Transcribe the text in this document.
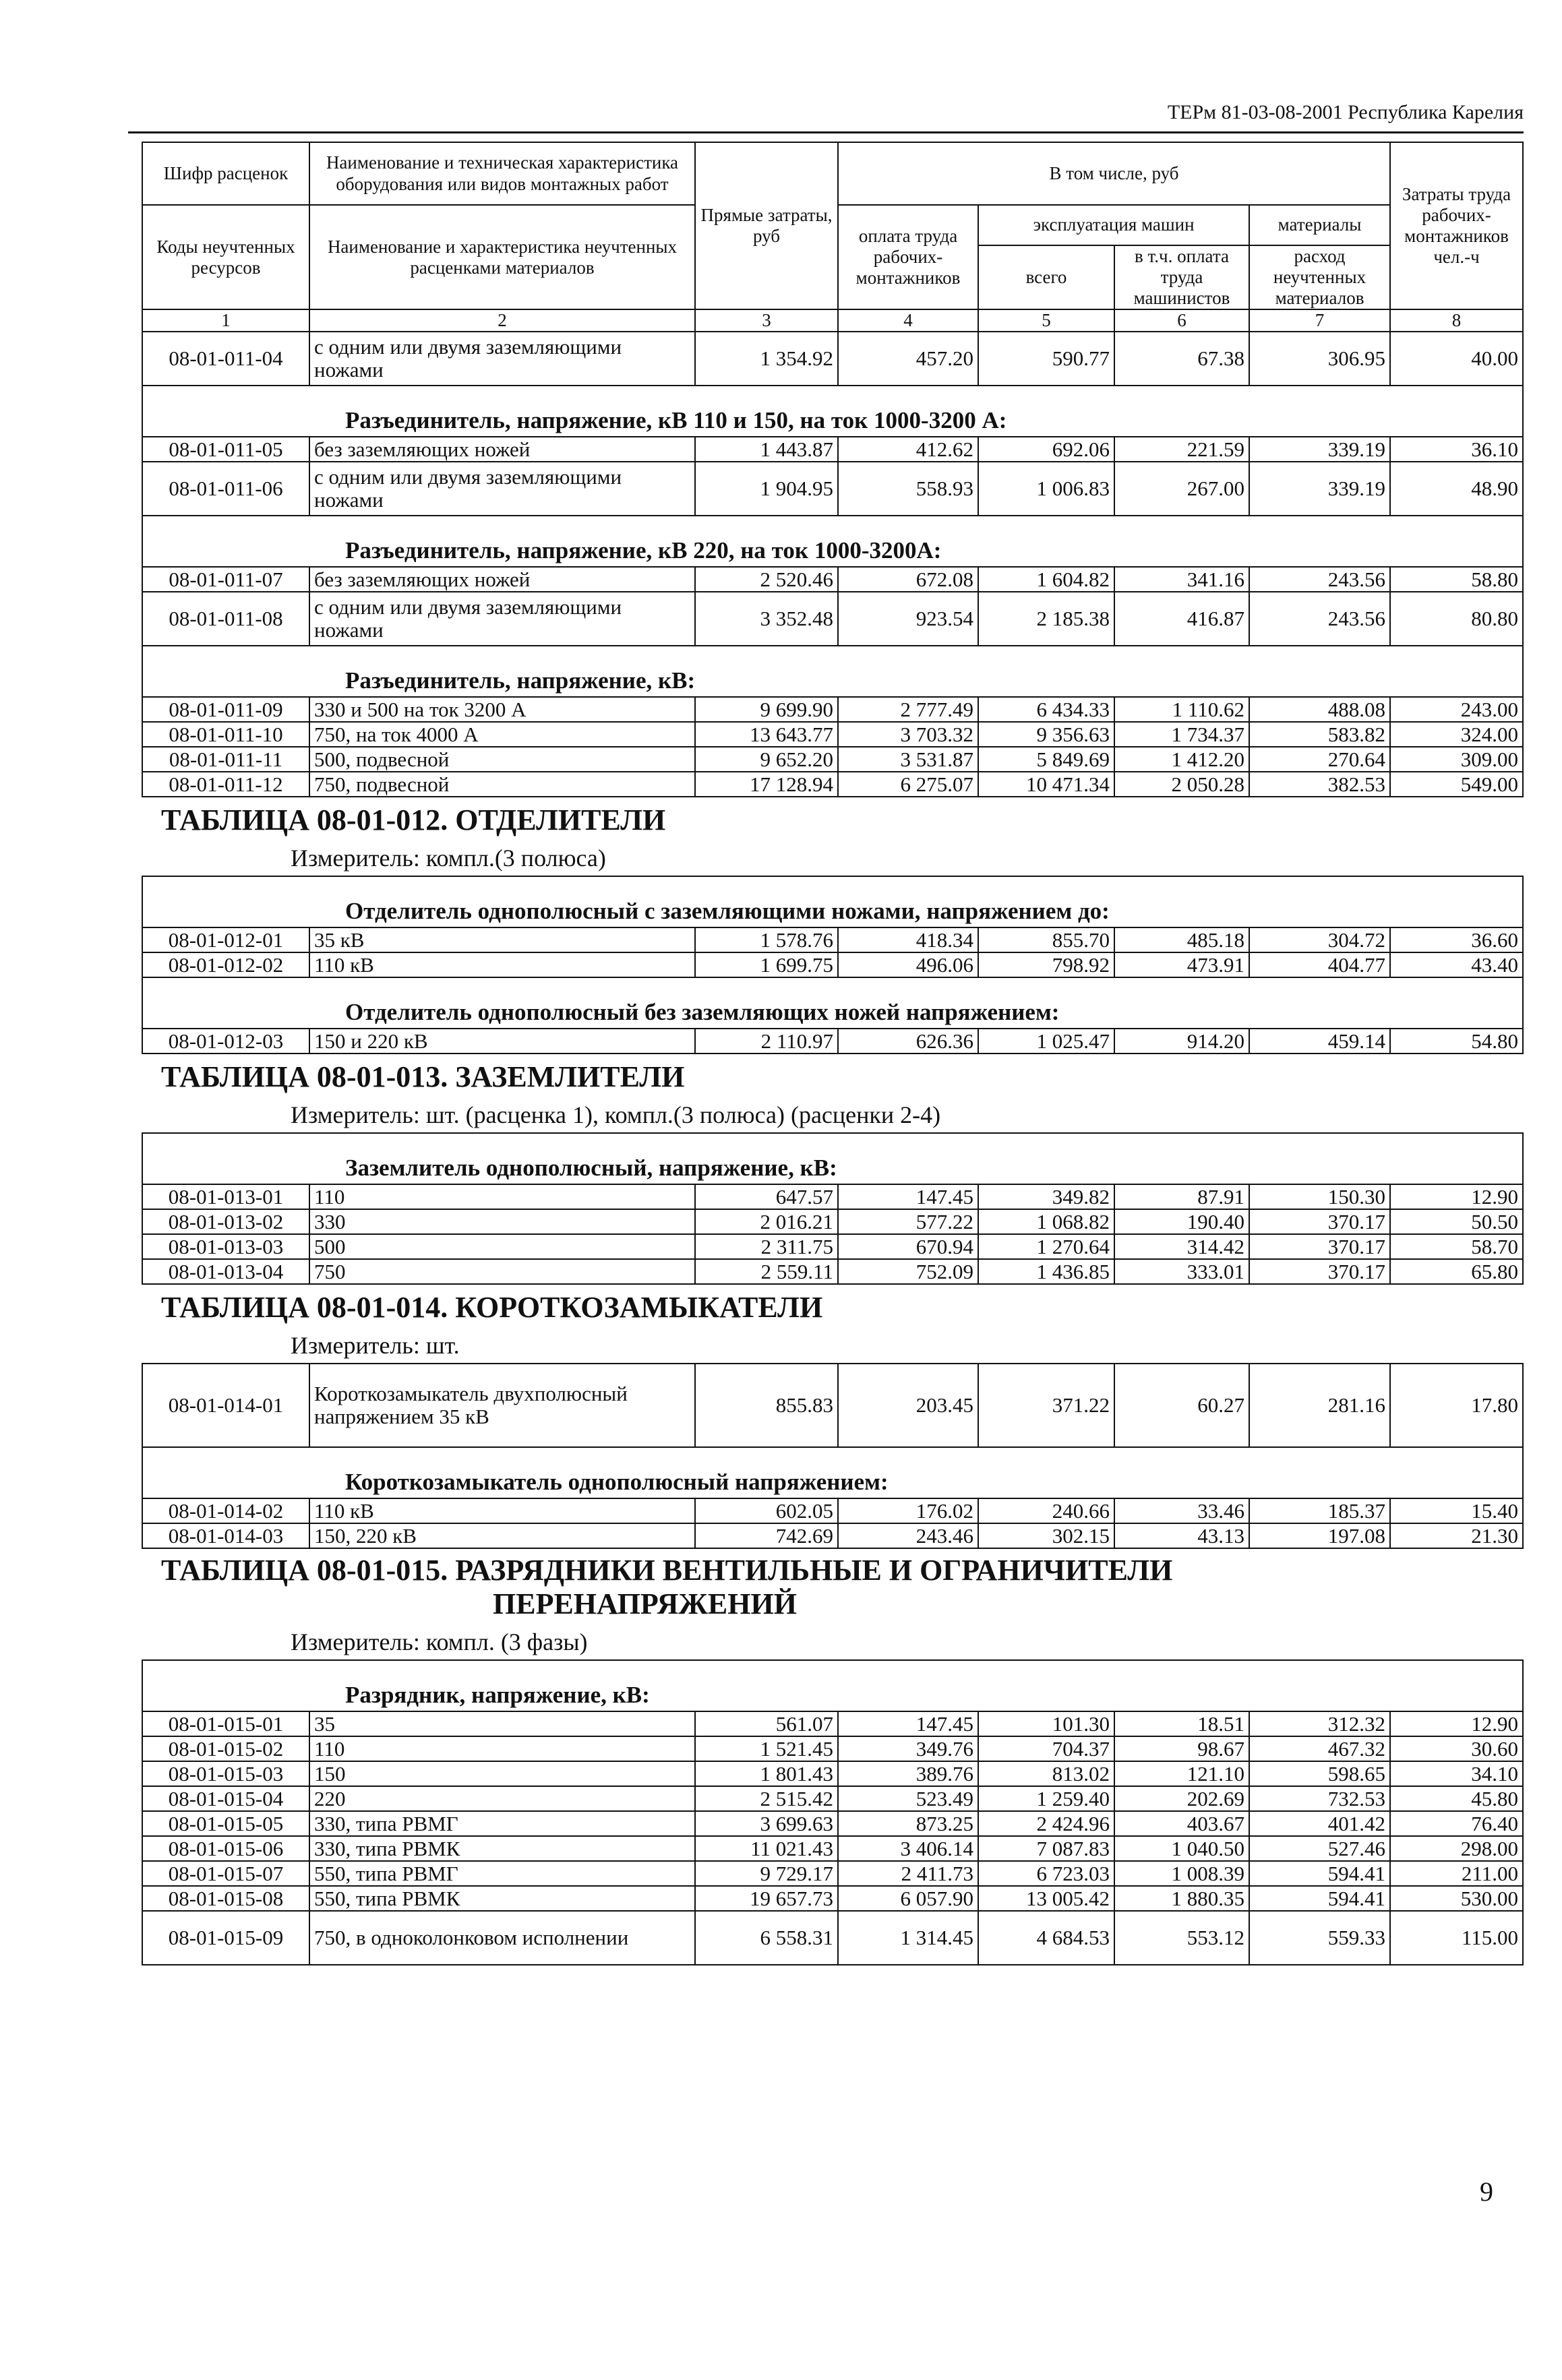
ТЕРм 81-03-08-2001 Республика Карелия
Шифр расценок	Наименование и техническая характеристика оборудования или видов монтажных работ	Прямые затраты, руб	В том числе, руб				Затраты труда рабочих-монтажников чел.-ч
Коды неучтенных ресурсов	Наименование и характеристика неучтенных расценками материалов		оплата труда рабочих-монтажников	эксплуатация машин		материалы	
				всего	в т.ч. оплата труда машинистов	расход неучтенных материалов	
1	2	3	4	5	6	7	8
08-01-011-04	с одним или двумя заземляющими ножами	1 354.92	457.20	590.77	67.38	306.95	40.00

Разъединитель, напряжение, кВ 110 и 150, на ток 1000-3200 А:							

08-01-011-05	без заземляющих ножей	1 443.87	412.62	692.06	221.59	339.19	36.10
08-01-011-06	с одним или двумя заземляющими ножами	1 904.95	558.93	1 006.83	267.00	339.19	48.90

Разъединитель, напряжение, кВ 220, на ток 1000-3200А:							

08-01-011-07	без заземляющих ножей	2 520.46	672.08	1 604.82	341.16	243.56	58.80
08-01-011-08	с одним или двумя заземляющими ножами	3 352.48	923.54	2 185.38	416.87	243.56	80.80

Разъединитель, напряжение, кВ:							

08-01-011-09	330 и 500 на ток 3200 А	9 699.90	2 777.49	6 434.33	1 110.62	488.08	243.00
08-01-011-10	750, на ток 4000 А	13 643.77	3 703.32	9 356.63	1 734.37	583.82	324.00
08-01-011-11	500, подвесной	9 652.20	3 531.87	5 849.69	1 412.20	270.64	309.00
08-01-011-12	750, подвесной	17 128.94	6 275.07	10 471.34	2 050.28	382.53	549.00

ТАБЛИЦА 08-01-012. ОТДЕЛИТЕЛИ							

Измеритель: компл.(3 полюса)							

Отделитель однополюсный с заземляющими ножами, напряжением до:							

08-01-012-01	35 кВ	1 578.76	418.34	855.70	485.18	304.72	36.60
08-01-012-02	110 кВ	1 699.75	496.06	798.92	473.91	404.77	43.40

Отделитель однополюсный без заземляющих ножей напряжением:							

08-01-012-03	150 и 220 кВ	2 110.97	626.36	1 025.47	914.20	459.14	54.80

ТАБЛИЦА 08-01-013. ЗАЗЕМЛИТЕЛИ							

Измеритель: шт. (расценка 1), компл.(3 полюса) (расценки 2-4)							

Заземлитель однополюсный, напряжение, кВ:							

08-01-013-01	110	647.57	147.45	349.82	87.91	150.30	12.90
08-01-013-02	330	2 016.21	577.22	1 068.82	190.40	370.17	50.50
08-01-013-03	500	2 311.75	670.94	1 270.64	314.42	370.17	58.70
08-01-013-04	750	2 559.11	752.09	1 436.85	333.01	370.17	65.80

ТАБЛИЦА 08-01-014. КОРОТКОЗАМЫКАТЕЛИ							

Измеритель: шт.							

08-01-014-01	Короткозамыкатель двухполюсный напряжением 35 кВ	855.83	203.45	371.22	60.27	281.16	17.80

Короткозамыкатель однополюсный напряжением:							

08-01-014-02	110 кВ	602.05	176.02	240.66	33.46	185.37	15.40
08-01-014-03	150, 220 кВ	742.69	243.46	302.15	43.13	197.08	21.30

ТАБЛИЦА 08-01-015. РАЗРЯДНИКИ ВЕНТИЛЬНЫЕ И ОГРАНИЧИТЕЛИ							

ПЕРЕНАПРЯЖЕНИЙ							

Измеритель: компл. (3 фазы)							

Разрядник, напряжение, кВ:							

08-01-015-01	35	561.07	147.45	101.30	18.51	312.32	12.90
08-01-015-02	110	1 521.45	349.76	704.37	98.67	467.32	30.60
08-01-015-03	150	1 801.43	389.76	813.02	121.10	598.65	34.10
08-01-015-04	220	2 515.42	523.49	1 259.40	202.69	732.53	45.80
08-01-015-05	330, типа РВМГ	3 699.63	873.25	2 424.96	403.67	401.42	76.40
08-01-015-06	330, типа РВМК	11 021.43	3 406.14	7 087.83	1 040.50	527.46	298.00
08-01-015-07	550, типа РВМГ	9 729.17	2 411.73	6 723.03	1 008.39	594.41	211.00
08-01-015-08	550, типа РВМК	19 657.73	6 057.90	13 005.42	1 880.35	594.41	530.00
08-01-015-09	750, в одноколонковом исполнении	6 558.31	1 314.45	4 684.53	553.12	559.33	115.00
9
